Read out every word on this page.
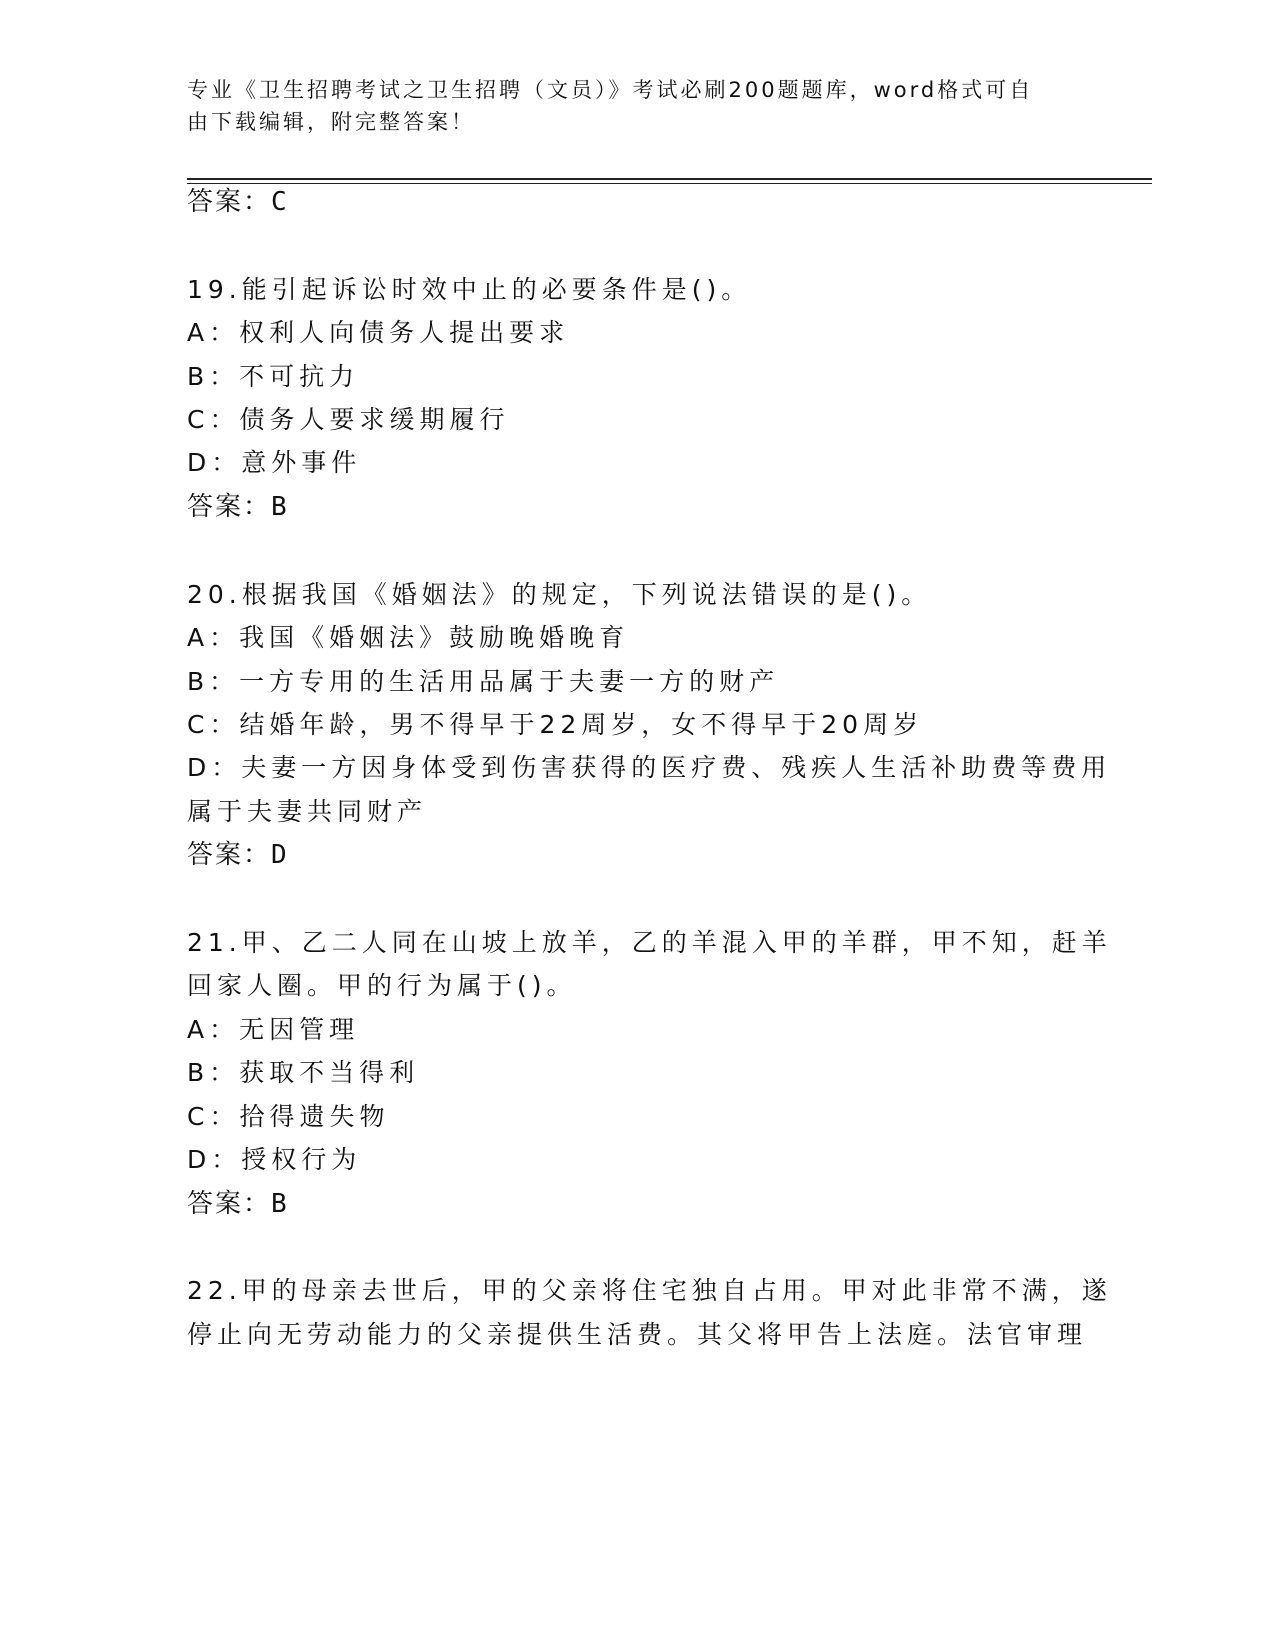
专业《卫生招聘考试之卫生招聘（文员）》考试必刷200题题库，word格式可自
由下载编辑，附完整答案！
答案：C
19.能引起诉讼时效中止的必要条件是()。
A：权利人向债务人提出要求
B：不可抗力
C：债务人要求缓期履行
D：意外事件
答案：B
20.根据我国《婚姻法》的规定，下列说法错误的是()。
A：我国《婚姻法》鼓励晚婚晚育
B：一方专用的生活用品属于夫妻一方的财产
C：结婚年龄，男不得早于22周岁，女不得早于20周岁
D：夫妻一方因身体受到伤害获得的医疗费、残疾人生活补助费等费用
属于夫妻共同财产
答案：D
21.甲、乙二人同在山坡上放羊，乙的羊混入甲的羊群，甲不知，赶羊
回家人圈。甲的行为属于()。
A：无因管理
B：获取不当得利
C：拾得遗失物
D：授权行为
答案：B
22.甲的母亲去世后，甲的父亲将住宅独自占用。甲对此非常不满，遂
停止向无劳动能力的父亲提供生活费。其父将甲告上法庭。法官审理
